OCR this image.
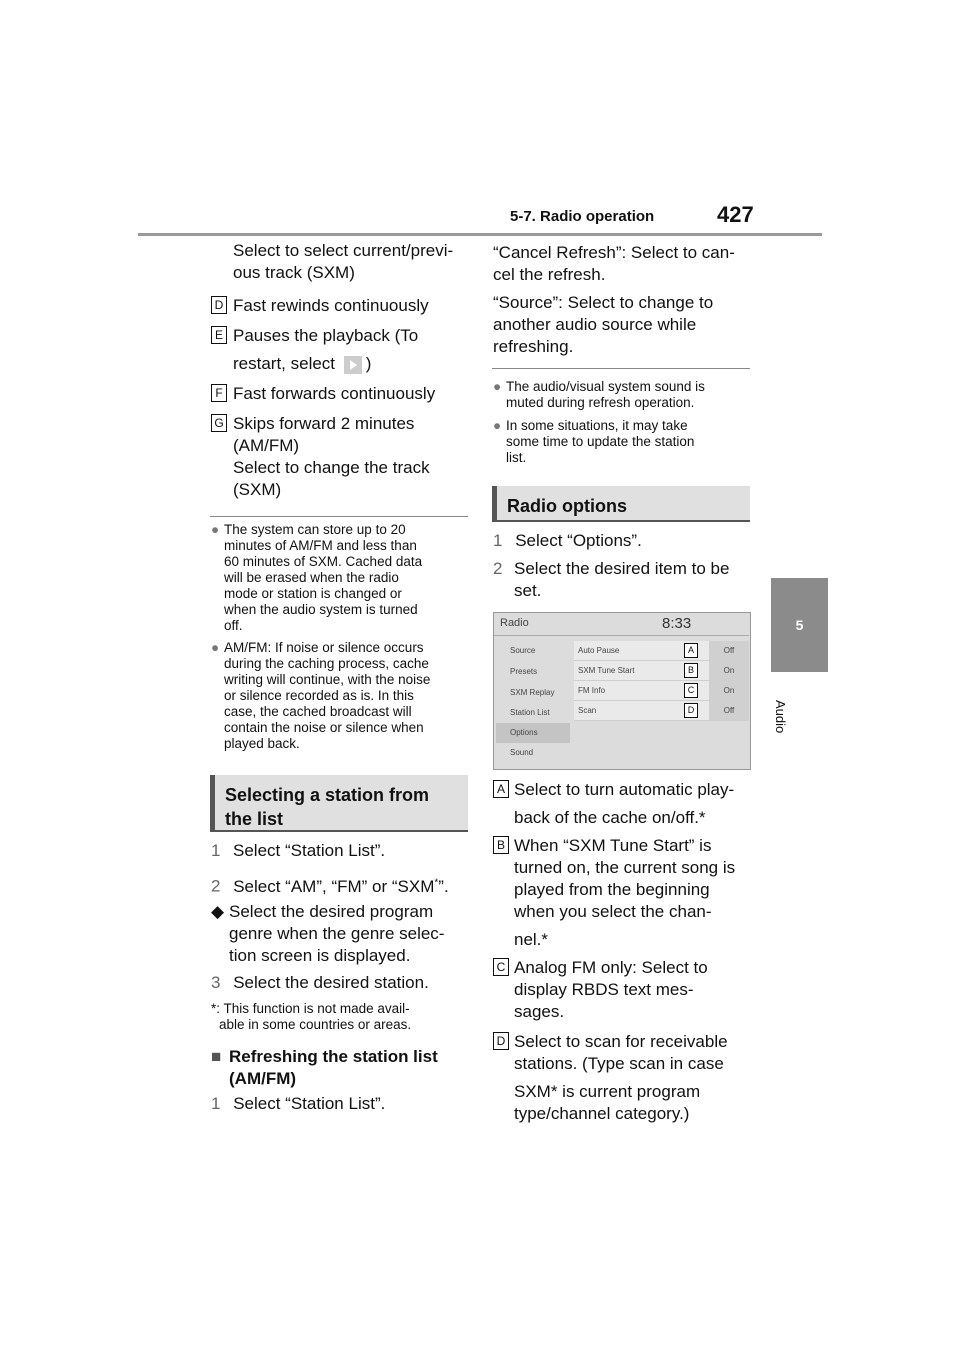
5-7. Radio operation	427
5
Audio
Select to select current/previ-
ous track (SXM)
D Fast rewinds continuously
E Pauses the playback (To
restart, select )
F Fast forwards continuously
G Skips forward 2 minutes
(AM/FM)
Select to change the track
(SXM)
● The system can store up to 20
minutes of AM/FM and less than
60 minutes of SXM. Cached data
will be erased when the radio
mode or station is changed or
when the audio system is turned
off.
● AM/FM: If noise or silence occurs
during the caching process, cache
writing will continue, with the noise
or silence recorded as is. In this
case, the cached broadcast will
contain the noise or silence when
played back.
Selecting a station from
the list
1 Select “Station List”.
2 Select “AM”, “FM” or “SXM*”.
◆ Select the desired program
genre when the genre selec-
tion screen is displayed.
3 Select the desired station.
*: This function is not made avail-
able in some countries or areas.
■ Refreshing the station list
(AM/FM)
1 Select “Station List”.
“Cancel Refresh”: Select to can-
cel the refresh.
“Source”: Select to change to
another audio source while
refreshing.
● The audio/visual system sound is
muted during refresh operation.
● In some situations, it may take
some time to update the station
list.
Radio options
1 Select “Options”.
2 Select the desired item to be
set.
Radio	8:33
Source
Presets
SXM Replay
Station List
Options
Sound
Auto Pause	A	Off
SXM Tune Start	B	On
FM Info	C	On
Scan	D	Off
A Select to turn automatic play-
back of the cache on/off.*
B When “SXM Tune Start” is
turned on, the current song is
played from the beginning
when you select the chan-
nel.*
C Analog FM only: Select to
display RBDS text mes-
sages.
D Select to scan for receivable
stations. (Type scan in case
SXM* is current program
type/channel category.)
